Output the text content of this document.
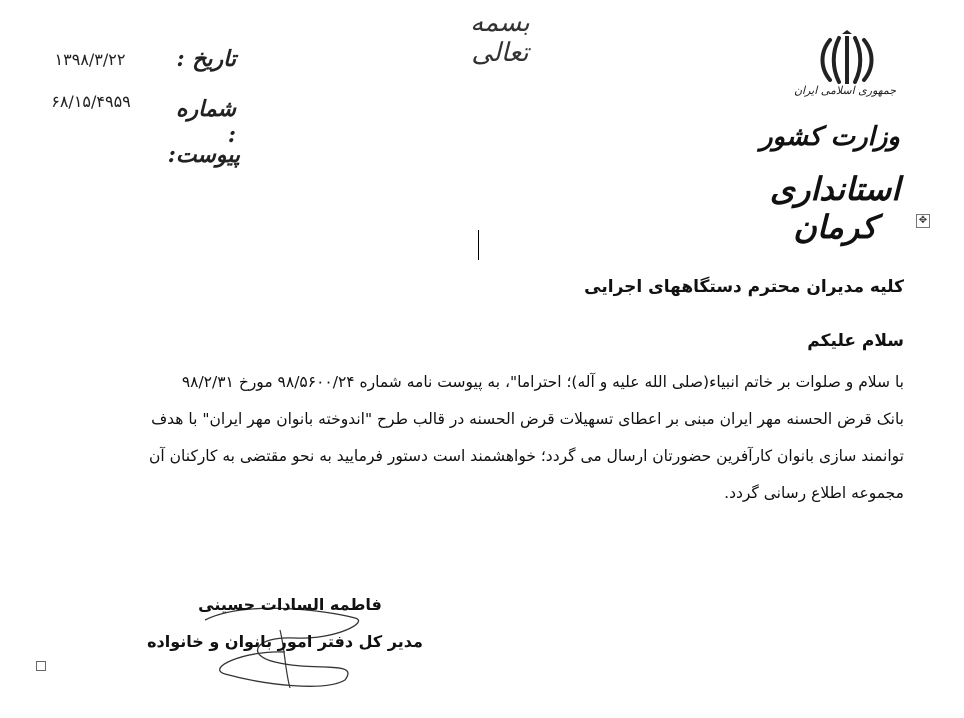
بسمه تعالی
جمهوری اسلامی ایران
وزارت کشور
استانداری کرمان	✥
تاریخ :
۱۳۹۸/۳/۲۲
شماره :
۶۸/۱۵/۴۹۵۹
پیوست:
کلیه مدیران محترم دستگاههای اجرایی
سلام علیکم

با سلام و صلوات بر خاتم انبیاء(صلی الله علیه و آله)؛ احتراما"، به پیوست نامه شماره ۹۸/۵۶۰۰/۲۴ مورخ ۹۸/۲/۳۱
بانک قرض الحسنه مهر ایران مبنی بر اعطای تسهیلات قرض الحسنه در قالب طرح "اندوخته بانوان مهر ایران" با هدف
توانمند سازی بانوان کارآفرین حضورتان ارسال می گردد؛ خواهشمند است دستور فرمایید به نحو مقتضی به کارکنان آن
مجموعه اطلاع رسانی گردد.

فاطمه السادات حسینی
مدیر کل دفتر امور بانوان و خانواده
